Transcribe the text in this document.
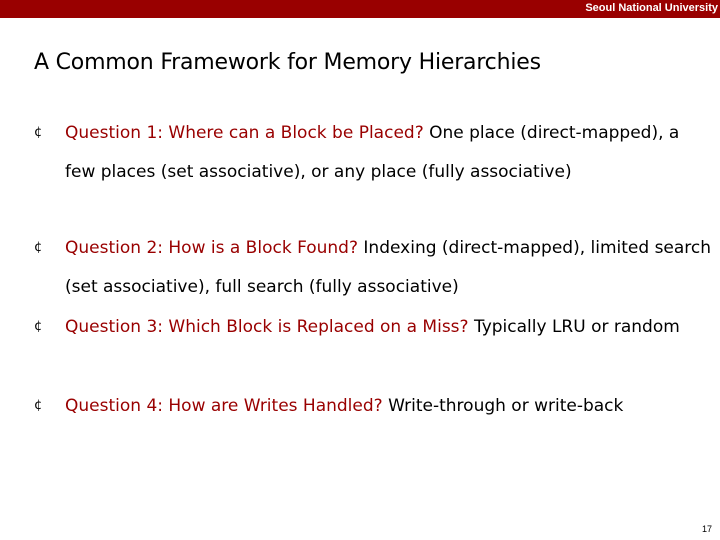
Seoul National University
A Common Framework for Memory Hierarchies
¢ Question 1: Where can a Block be Placed? One place (direct-mapped), a few places (set associative), or any place (fully associative)
¢ Question 2: How is a Block Found? Indexing (direct-mapped), limited search (set associative), full search (fully associative)
¢ Question 3: Which Block is Replaced on a Miss? Typically LRU or random
¢ Question 4: How are Writes Handled? Write-through or write-back
17
